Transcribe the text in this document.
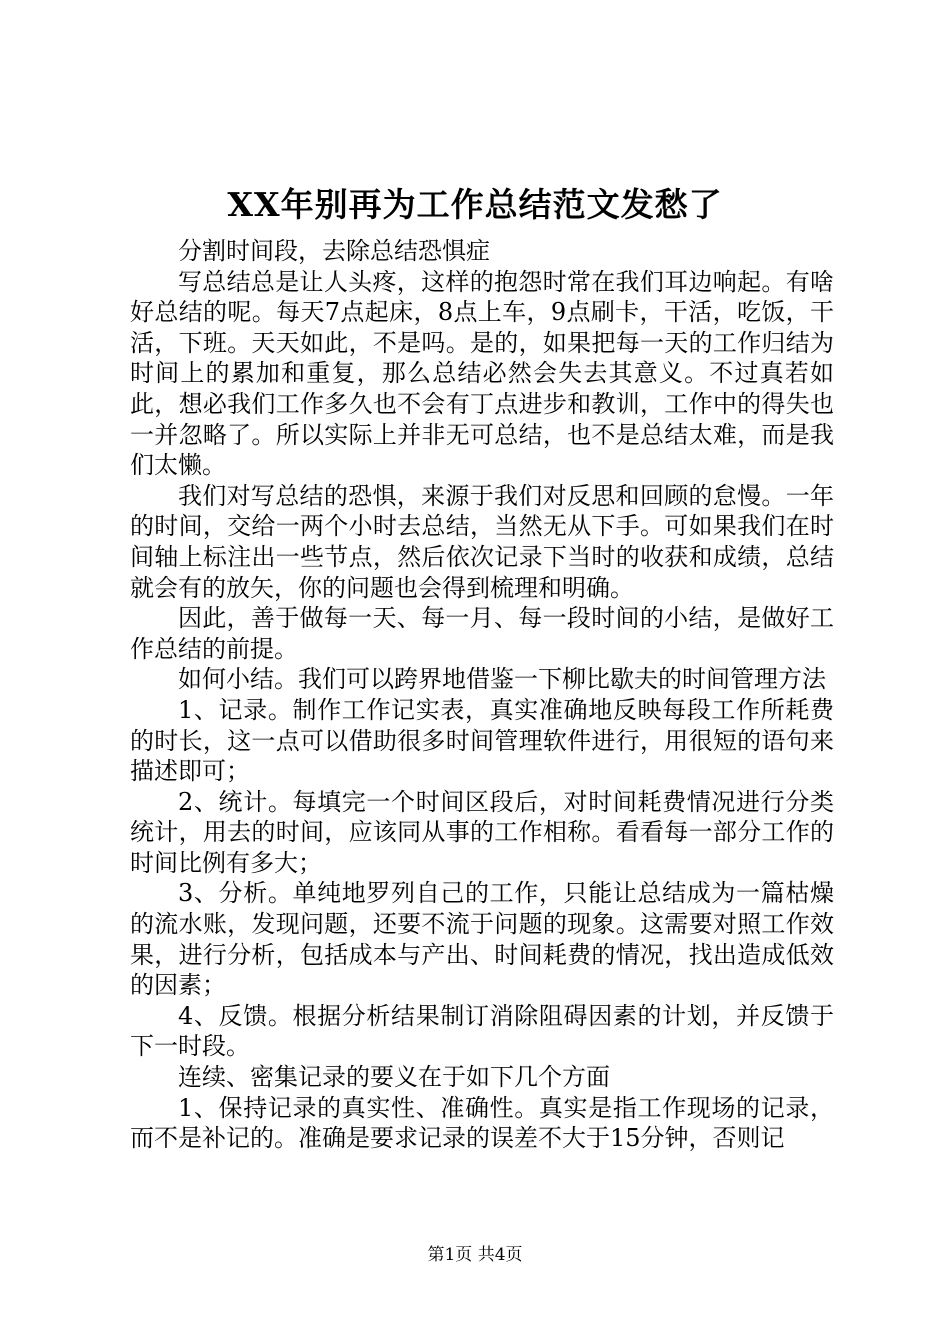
XX年别再为工作总结范文发愁了

分割时间段，去除总结恐惧症

写总结总是让人头疼，这样的抱怨时常在我们耳边响起。有啥好总结的呢。每天7点起床，8点上车，9点刷卡，干活，吃饭，干活，下班。天天如此，不是吗。是的，如果把每一天的工作归结为时间上的累加和重复，那么总结必然会失去其意义。不过真若如此，想必我们工作多久也不会有丁点进步和教训，工作中的得失也一并忽略了。所以实际上并非无可总结，也不是总结太难，而是我们太懒。

我们对写总结的恐惧，来源于我们对反思和回顾的怠慢。一年的时间，交给一两个小时去总结，当然无从下手。可如果我们在时间轴上标注出一些节点，然后依次记录下当时的收获和成绩，总结就会有的放矢，你的问题也会得到梳理和明确。

因此，善于做每一天、每一月、每一段时间的小结，是做好工作总结的前提。

如何小结。我们可以跨界地借鉴一下柳比歇夫的时间管理方法

1、记录。制作工作记实表，真实准确地反映每段工作所耗费的时长，这一点可以借助很多时间管理软件进行，用很短的语句来描述即可；

2、统计。每填完一个时间区段后，对时间耗费情况进行分类统计，用去的时间，应该同从事的工作相称。看看每一部分工作的时间比例有多大；

3、分析。单纯地罗列自己的工作，只能让总结成为一篇枯燥的流水账，发现问题，还要不流于问题的现象。这需要对照工作效果，进行分析，包括成本与产出、时间耗费的情况，找出造成低效的因素；

4、反馈。根据分析结果制订消除阻碍因素的计划，并反馈于下一时段。

连续、密集记录的要义在于如下几个方面

1、保持记录的真实性、准确性。真实是指工作现场的记录，而不是补记的。准确是要求记录的误差不大于15分钟，否则记

第1页 共4页
